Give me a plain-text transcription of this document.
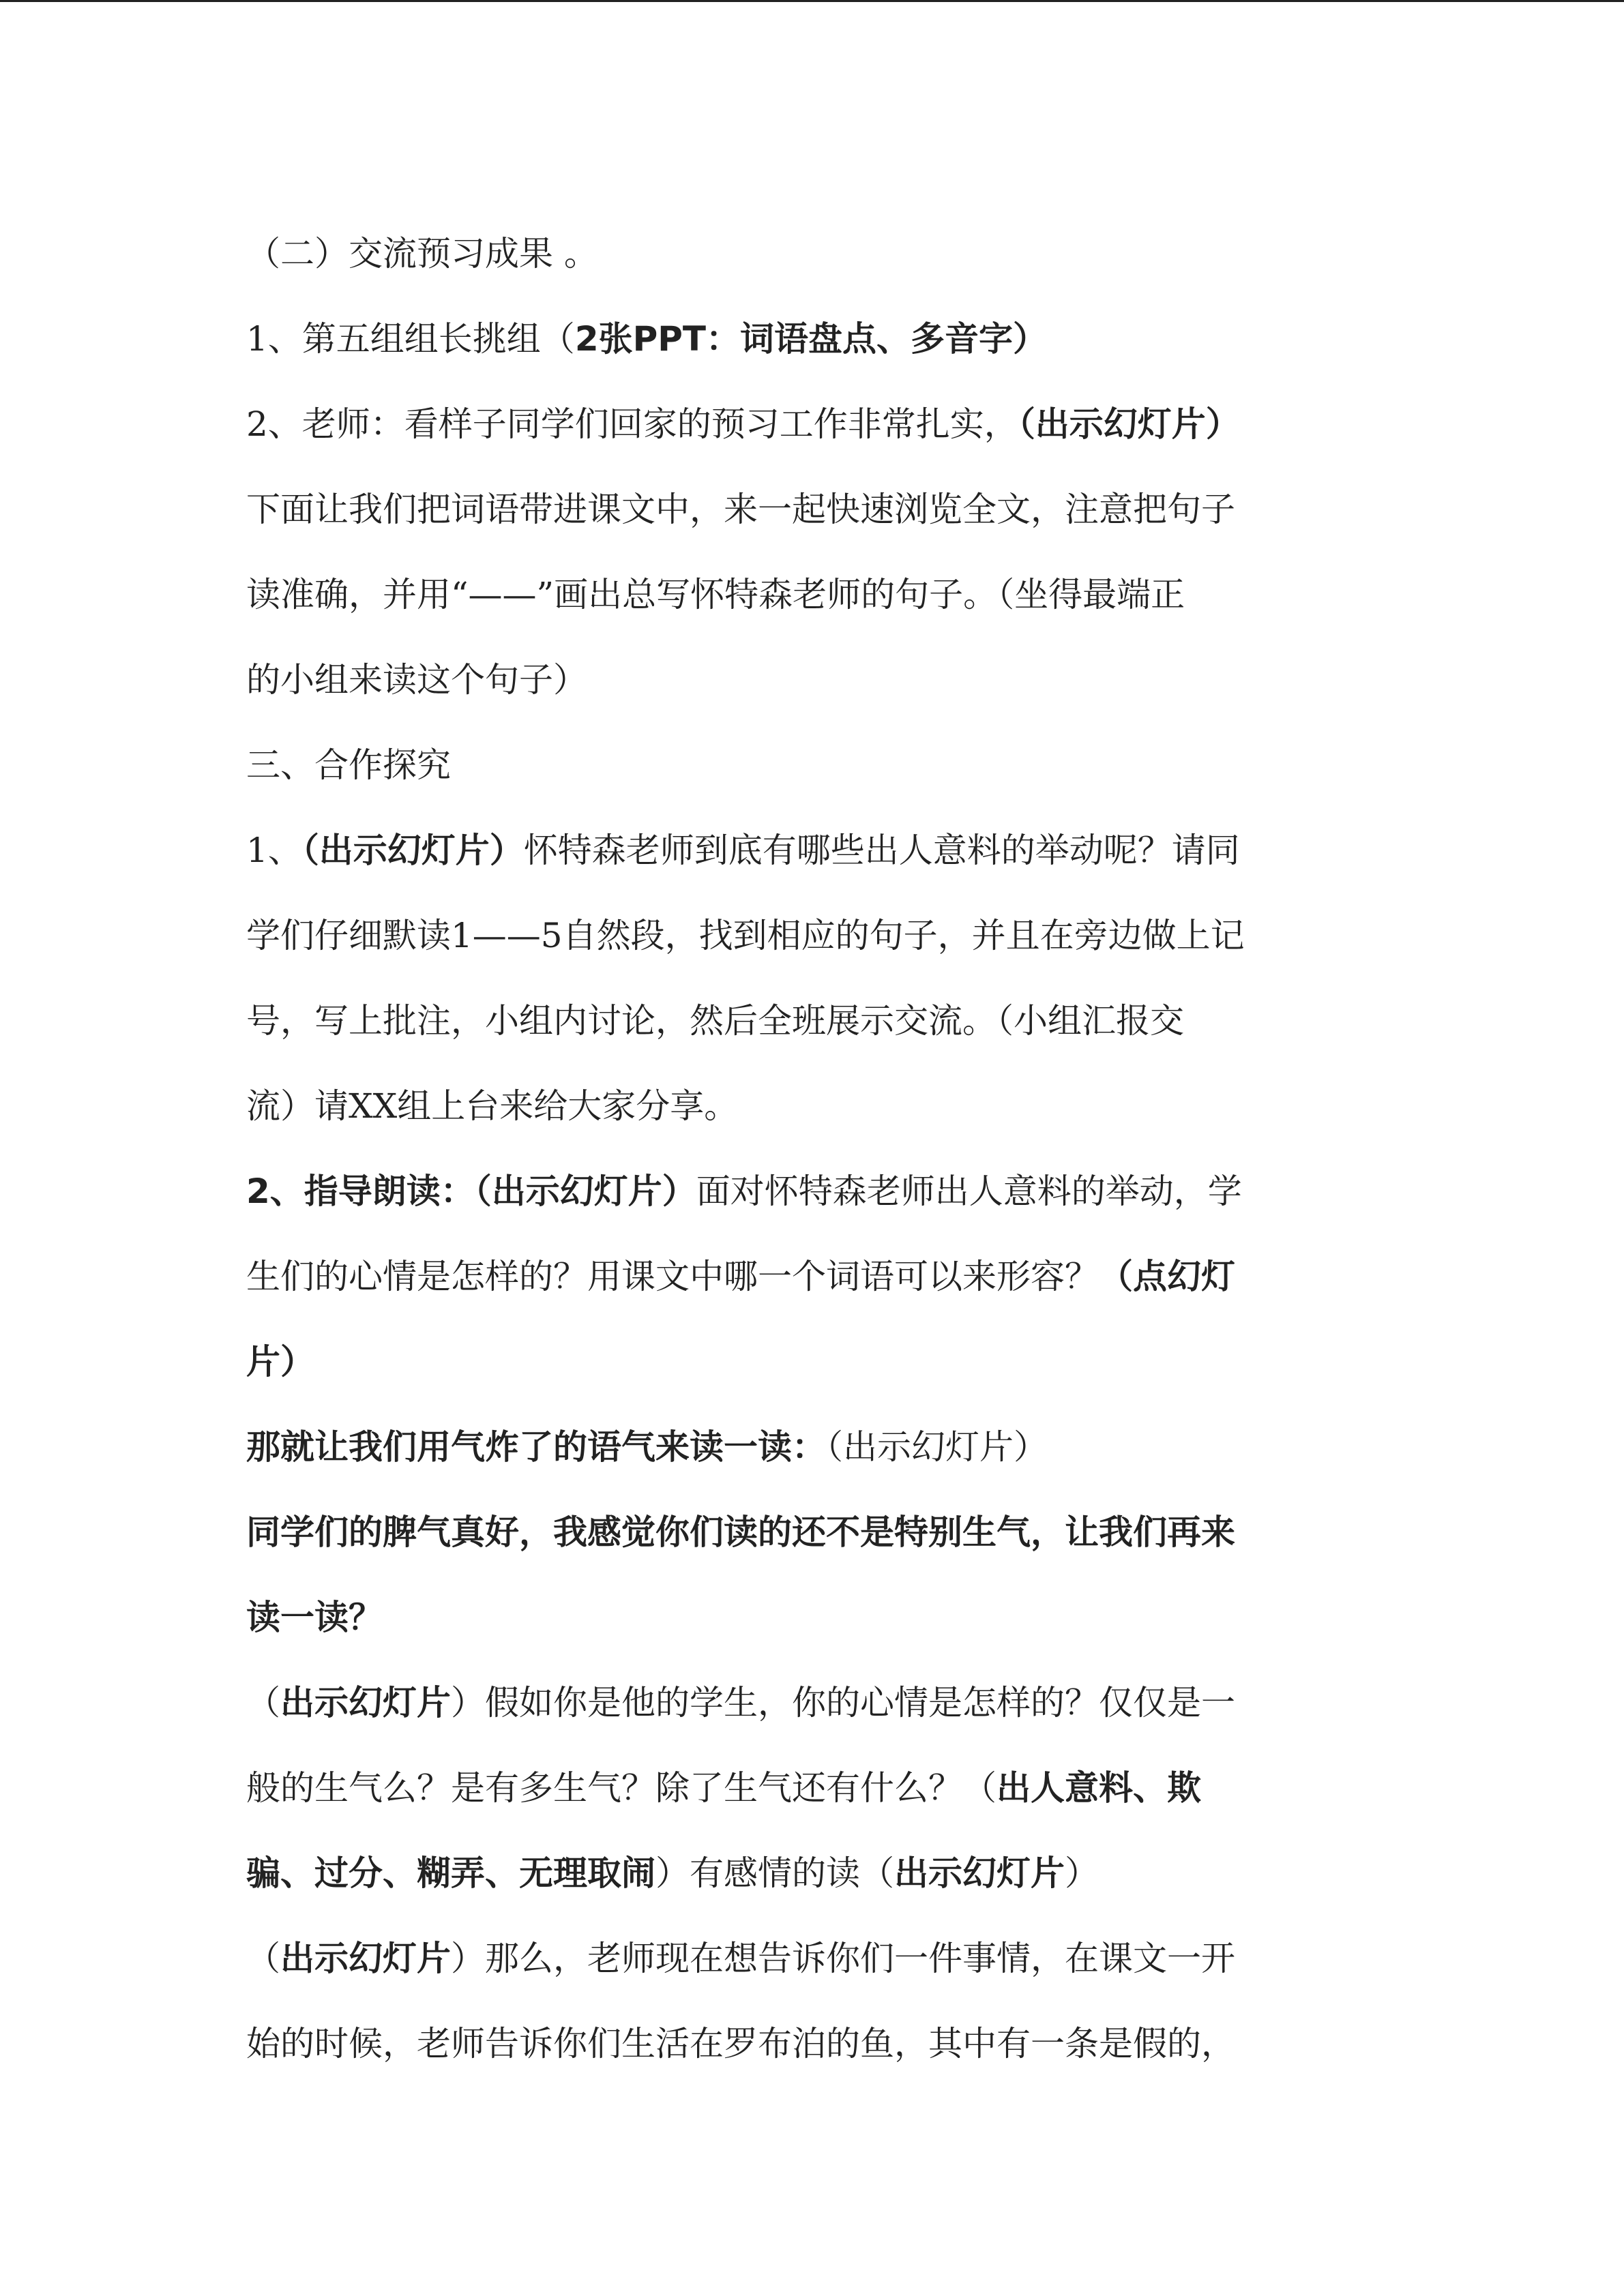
（二）交流预习成果 。
1、第五组组长挑组（2张PPT：词语盘点、多音字）
2、老师：看样子同学们回家的预习工作非常扎实，（出示幻灯片）
下面让我们把词语带进课文中，来一起快速浏览全文，注意把句子
读准确，并用“——”画出总写怀特森老师的句子。（坐得最端正
的小组来读这个句子）
三、合作探究
1、（出示幻灯片）怀特森老师到底有哪些出人意料的举动呢？请同
学们仔细默读1——5自然段，找到相应的句子，并且在旁边做上记
号，写上批注，小组内讨论，然后全班展示交流。（小组汇报交
流）请XX组上台来给大家分享。
2、指导朗读：（出示幻灯片）面对怀特森老师出人意料的举动，学
生们的心情是怎样的？用课文中哪一个词语可以来形容？（点幻灯
片）
那就让我们用气炸了的语气来读一读：（出示幻灯片）
同学们的脾气真好，我感觉你们读的还不是特别生气，让我们再来
读一读？
（出示幻灯片）假如你是他的学生，你的心情是怎样的？仅仅是一
般的生气么？是有多生气？除了生气还有什么？（出人意料、欺
骗、过分、糊弄、无理取闹）有感情的读（出示幻灯片）
（出示幻灯片）那么，老师现在想告诉你们一件事情，在课文一开
始的时候，老师告诉你们生活在罗布泊的鱼，其中有一条是假的，
